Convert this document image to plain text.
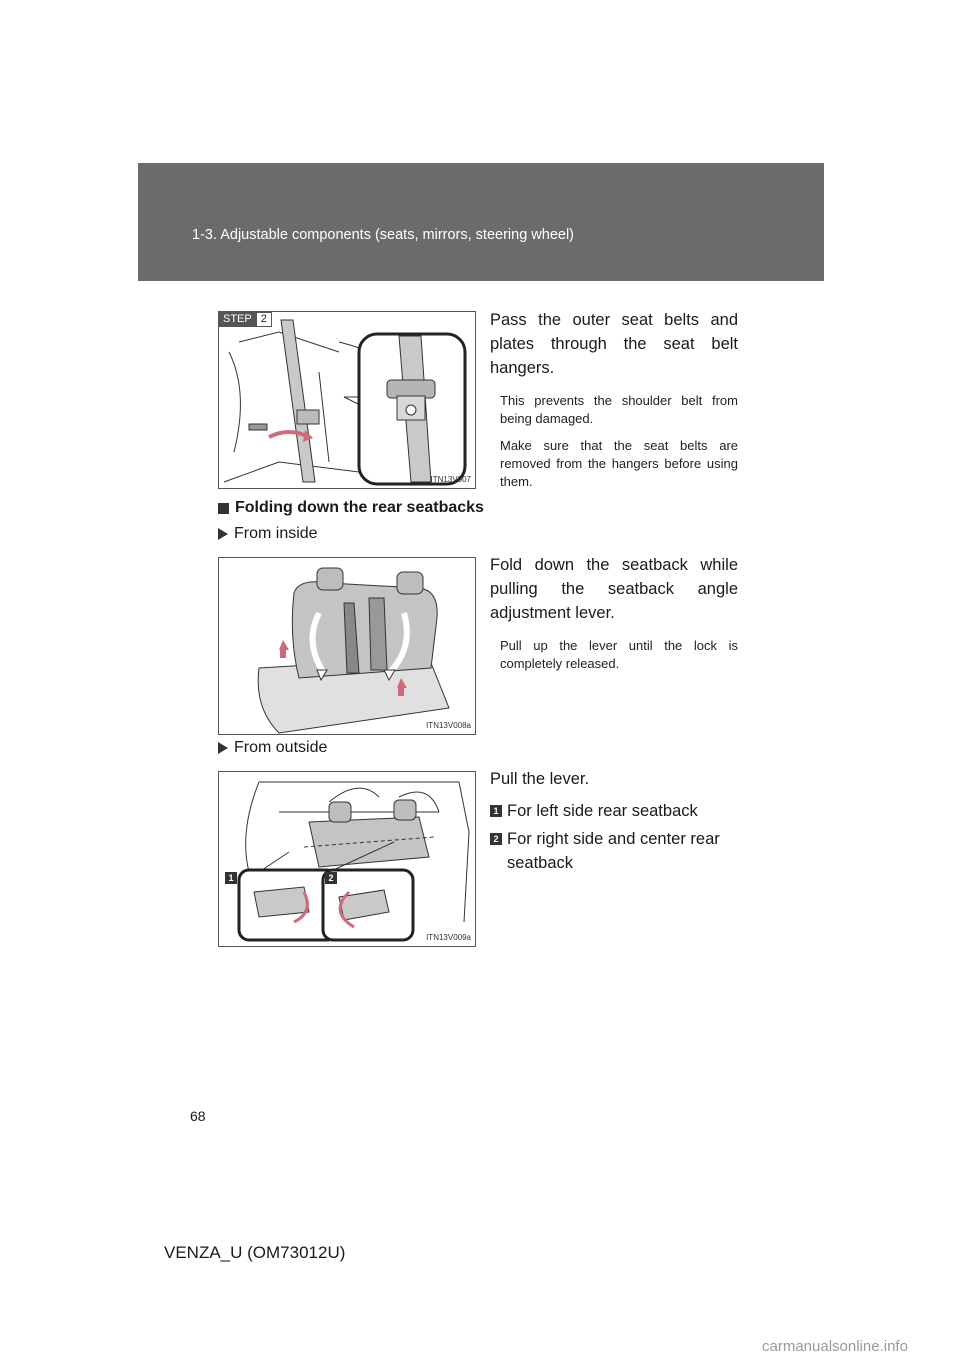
1-3. Adjustable components (seats, mirrors, steering wheel)
STEP 2
ITN13V007

Pass the outer seat belts and plates through the seat belt hangers.

This prevents the shoulder belt from being damaged.

Make sure that the seat belts are removed from the hangers before using them.

Folding down the rear seatbacks
From inside
ITN13V008a

Fold down the seatback while pulling the seatback angle adjustment lever.

Pull up the lever until the lock is completely released.

From outside
1	2
ITN13V009a

Pull the lever.

1 For left side rear seatback
2 For right side and center rear seatback
68
VENZA_U (OM73012U)
carmanualsonline.info
